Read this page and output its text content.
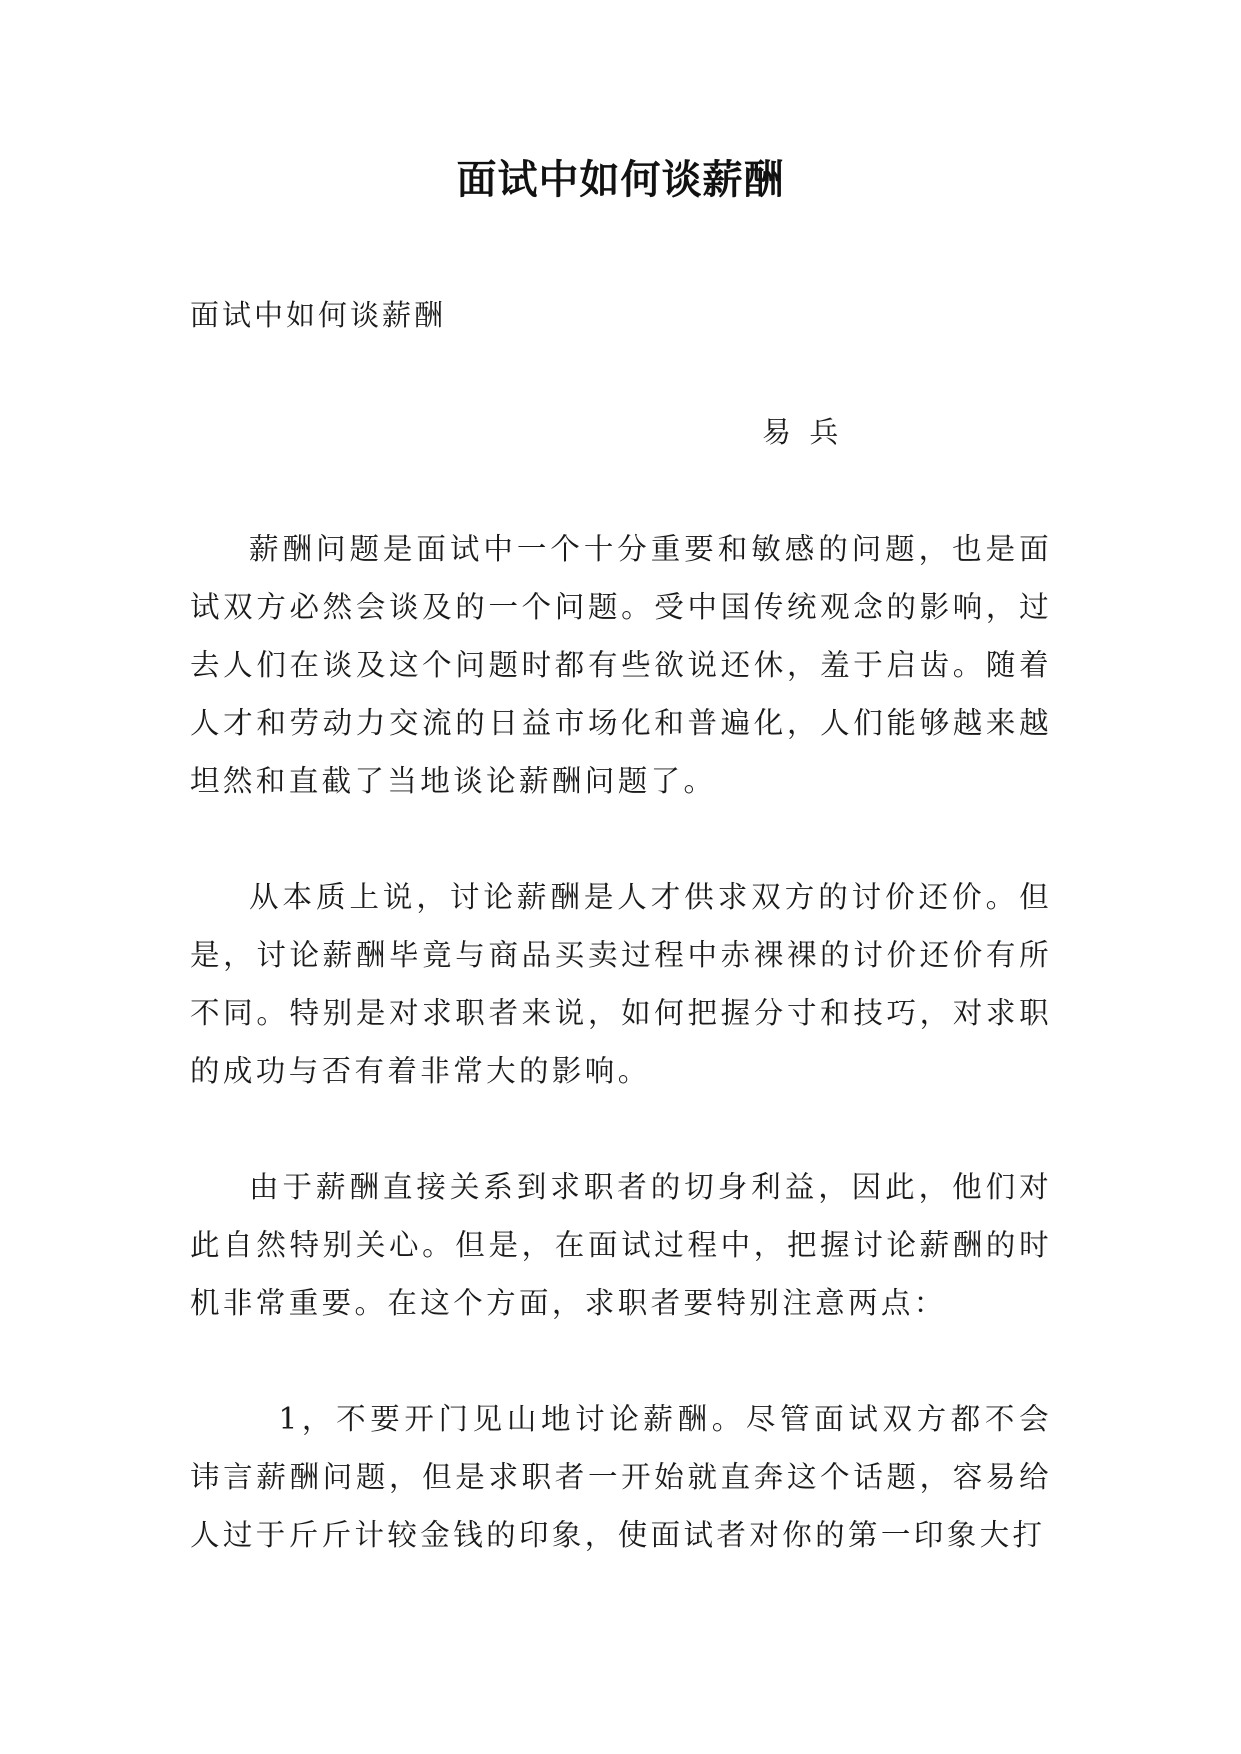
面试中如何谈薪酬

面试中如何谈薪酬

易  兵

薪酬问题是面试中一个十分重要和敏感的问题，也是面试双方必然会谈及的一个问题。受中国传统观念的影响，过去人们在谈及这个问题时都有些欲说还休，羞于启齿。随着人才和劳动力交流的日益市场化和普遍化，人们能够越来越坦然和直截了当地谈论薪酬问题了。

从本质上说，讨论薪酬是人才供求双方的讨价还价。但是，讨论薪酬毕竟与商品买卖过程中赤裸裸的讨价还价有所不同。特别是对求职者来说，如何把握分寸和技巧，对求职的成功与否有着非常大的影响。

由于薪酬直接关系到求职者的切身利益，因此，他们对此自然特别关心。但是，在面试过程中，把握讨论薪酬的时机非常重要。在这个方面，求职者要特别注意两点：

1，不要开门见山地讨论薪酬。尽管面试双方都不会讳言薪酬问题，但是求职者一开始就直奔这个话题，容易给人过于斤斤计较金钱的印象，使面试者对你的第一印象大打
